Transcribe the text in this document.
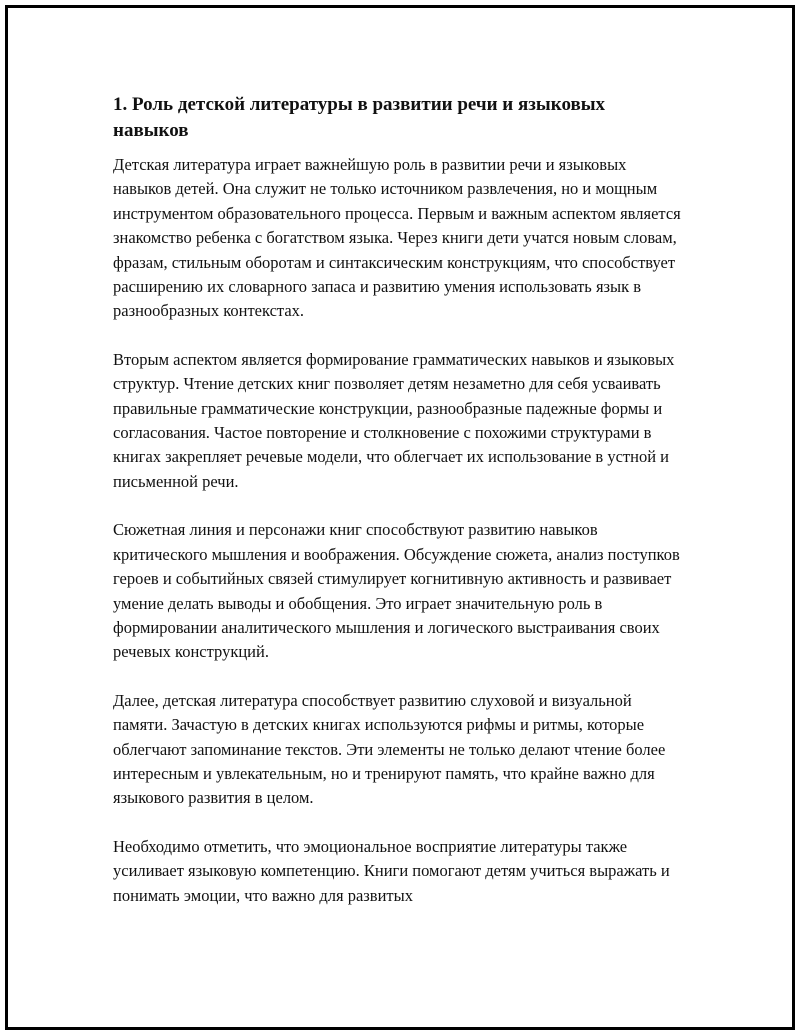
1. Роль детской литературы в развитии речи и языковых навыков

Детская литература играет важнейшую роль в развитии речи и языковых навыков детей. Она служит не только источником развлечения, но и мощным инструментом образовательного процесса. Первым и важным аспектом является знакомство ребенка с богатством языка. Через книги дети учатся новым словам, фразам, стильным оборотам и синтаксическим конструкциям, что способствует расширению их словарного запаса и развитию умения использовать язык в разнообразных контекстах.

Вторым аспектом является формирование грамматических навыков и языковых структур. Чтение детских книг позволяет детям незаметно для себя усваивать правильные грамматические конструкции, разнообразные падежные формы и согласования. Частое повторение и столкновение с похожими структурами в книгах закрепляет речевые модели, что облегчает их использование в устной и письменной речи.

Сюжетная линия и персонажи книг способствуют развитию навыков критического мышления и воображения. Обсуждение сюжета, анализ поступков героев и событийных связей стимулирует когнитивную активность и развивает умение делать выводы и обобщения. Это играет значительную роль в формировании аналитического мышления и логического выстраивания своих речевых конструкций.

Далее, детская литература способствует развитию слуховой и визуальной памяти. Зачастую в детских книгах используются рифмы и ритмы, которые облегчают запоминание текстов. Эти элементы не только делают чтение более интересным и увлекательным, но и тренируют память, что крайне важно для языкового развития в целом.

Необходимо отметить, что эмоциональное восприятие литературы также усиливает языковую компетенцию. Книги помогают детям учиться выражать и понимать эмоции, что важно для развитых
